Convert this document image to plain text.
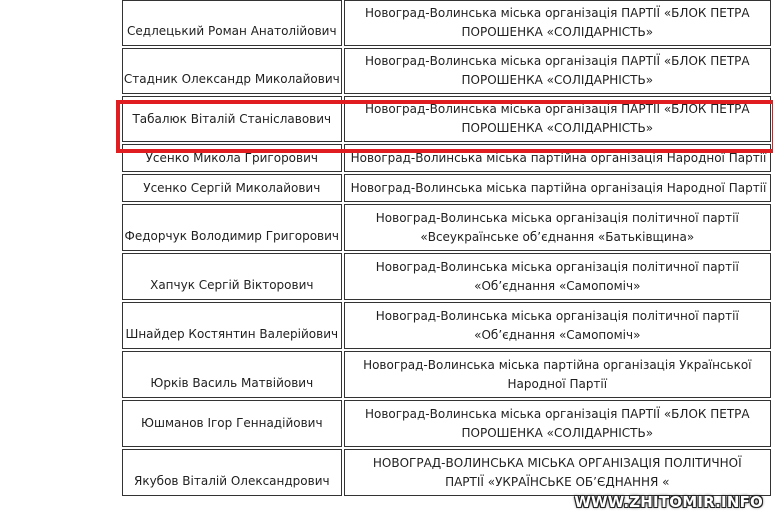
Седлецький Роман Анатолійович	Новоград-Волинська міська організація ПАРТІЇ «БЛОК ПЕТРА
ПОРОШЕНКА «СОЛІДАРНІСТЬ»
Стадник Олександр Миколайович	Новоград-Волинська міська організація ПАРТІЇ «БЛОК ПЕТРА
ПОРОШЕНКА «СОЛІДАРНІСТЬ»
Табалюк Віталій Станіславович	Новоград-Волинська міська організація ПАРТІЇ «БЛОК ПЕТРА
ПОРОШЕНКА «СОЛІДАРНІСТЬ»
Усенко Микола Григорович	Новоград-Волинська міська партійна організація Народної Партії
Усенко Сергій Миколайович	Новоград-Волинська міська партійна організація Народної Партії
Федорчук Володимир Григорович	Новоград-Волинська міська організація політичної партії
«Всеукраїнське об’єднання «Батьківщина»
Хапчук Сергій Вікторович	Новоград-Волинська міська організація політичної партії
«Об’єднання «Самопоміч»
Шнайдер Костянтин Валерійович	Новоград-Волинська міська організація політичної партії
«Об’єднання «Самопоміч»
Юрків Василь Матвійович	Новоград-Волинська міська партійна організація Української
Народної Партії
Юшманов Ігор Геннадійович	Новоград-Волинська міська організація ПАРТІЇ «БЛОК ПЕТРА
ПОРОШЕНКА «СОЛІДАРНІСТЬ»
Якубов Віталій Олександрович	НОВОГРАД-ВОЛИНСЬКА МІСЬКА ОРГАНІЗАЦІЯ ПОЛІТИЧНОЇ
ПАРТІЇ «УКРАЇНСЬКЕ ОБ’ЄДНАННЯ «
WWW.ZHITOMIR.INFO
